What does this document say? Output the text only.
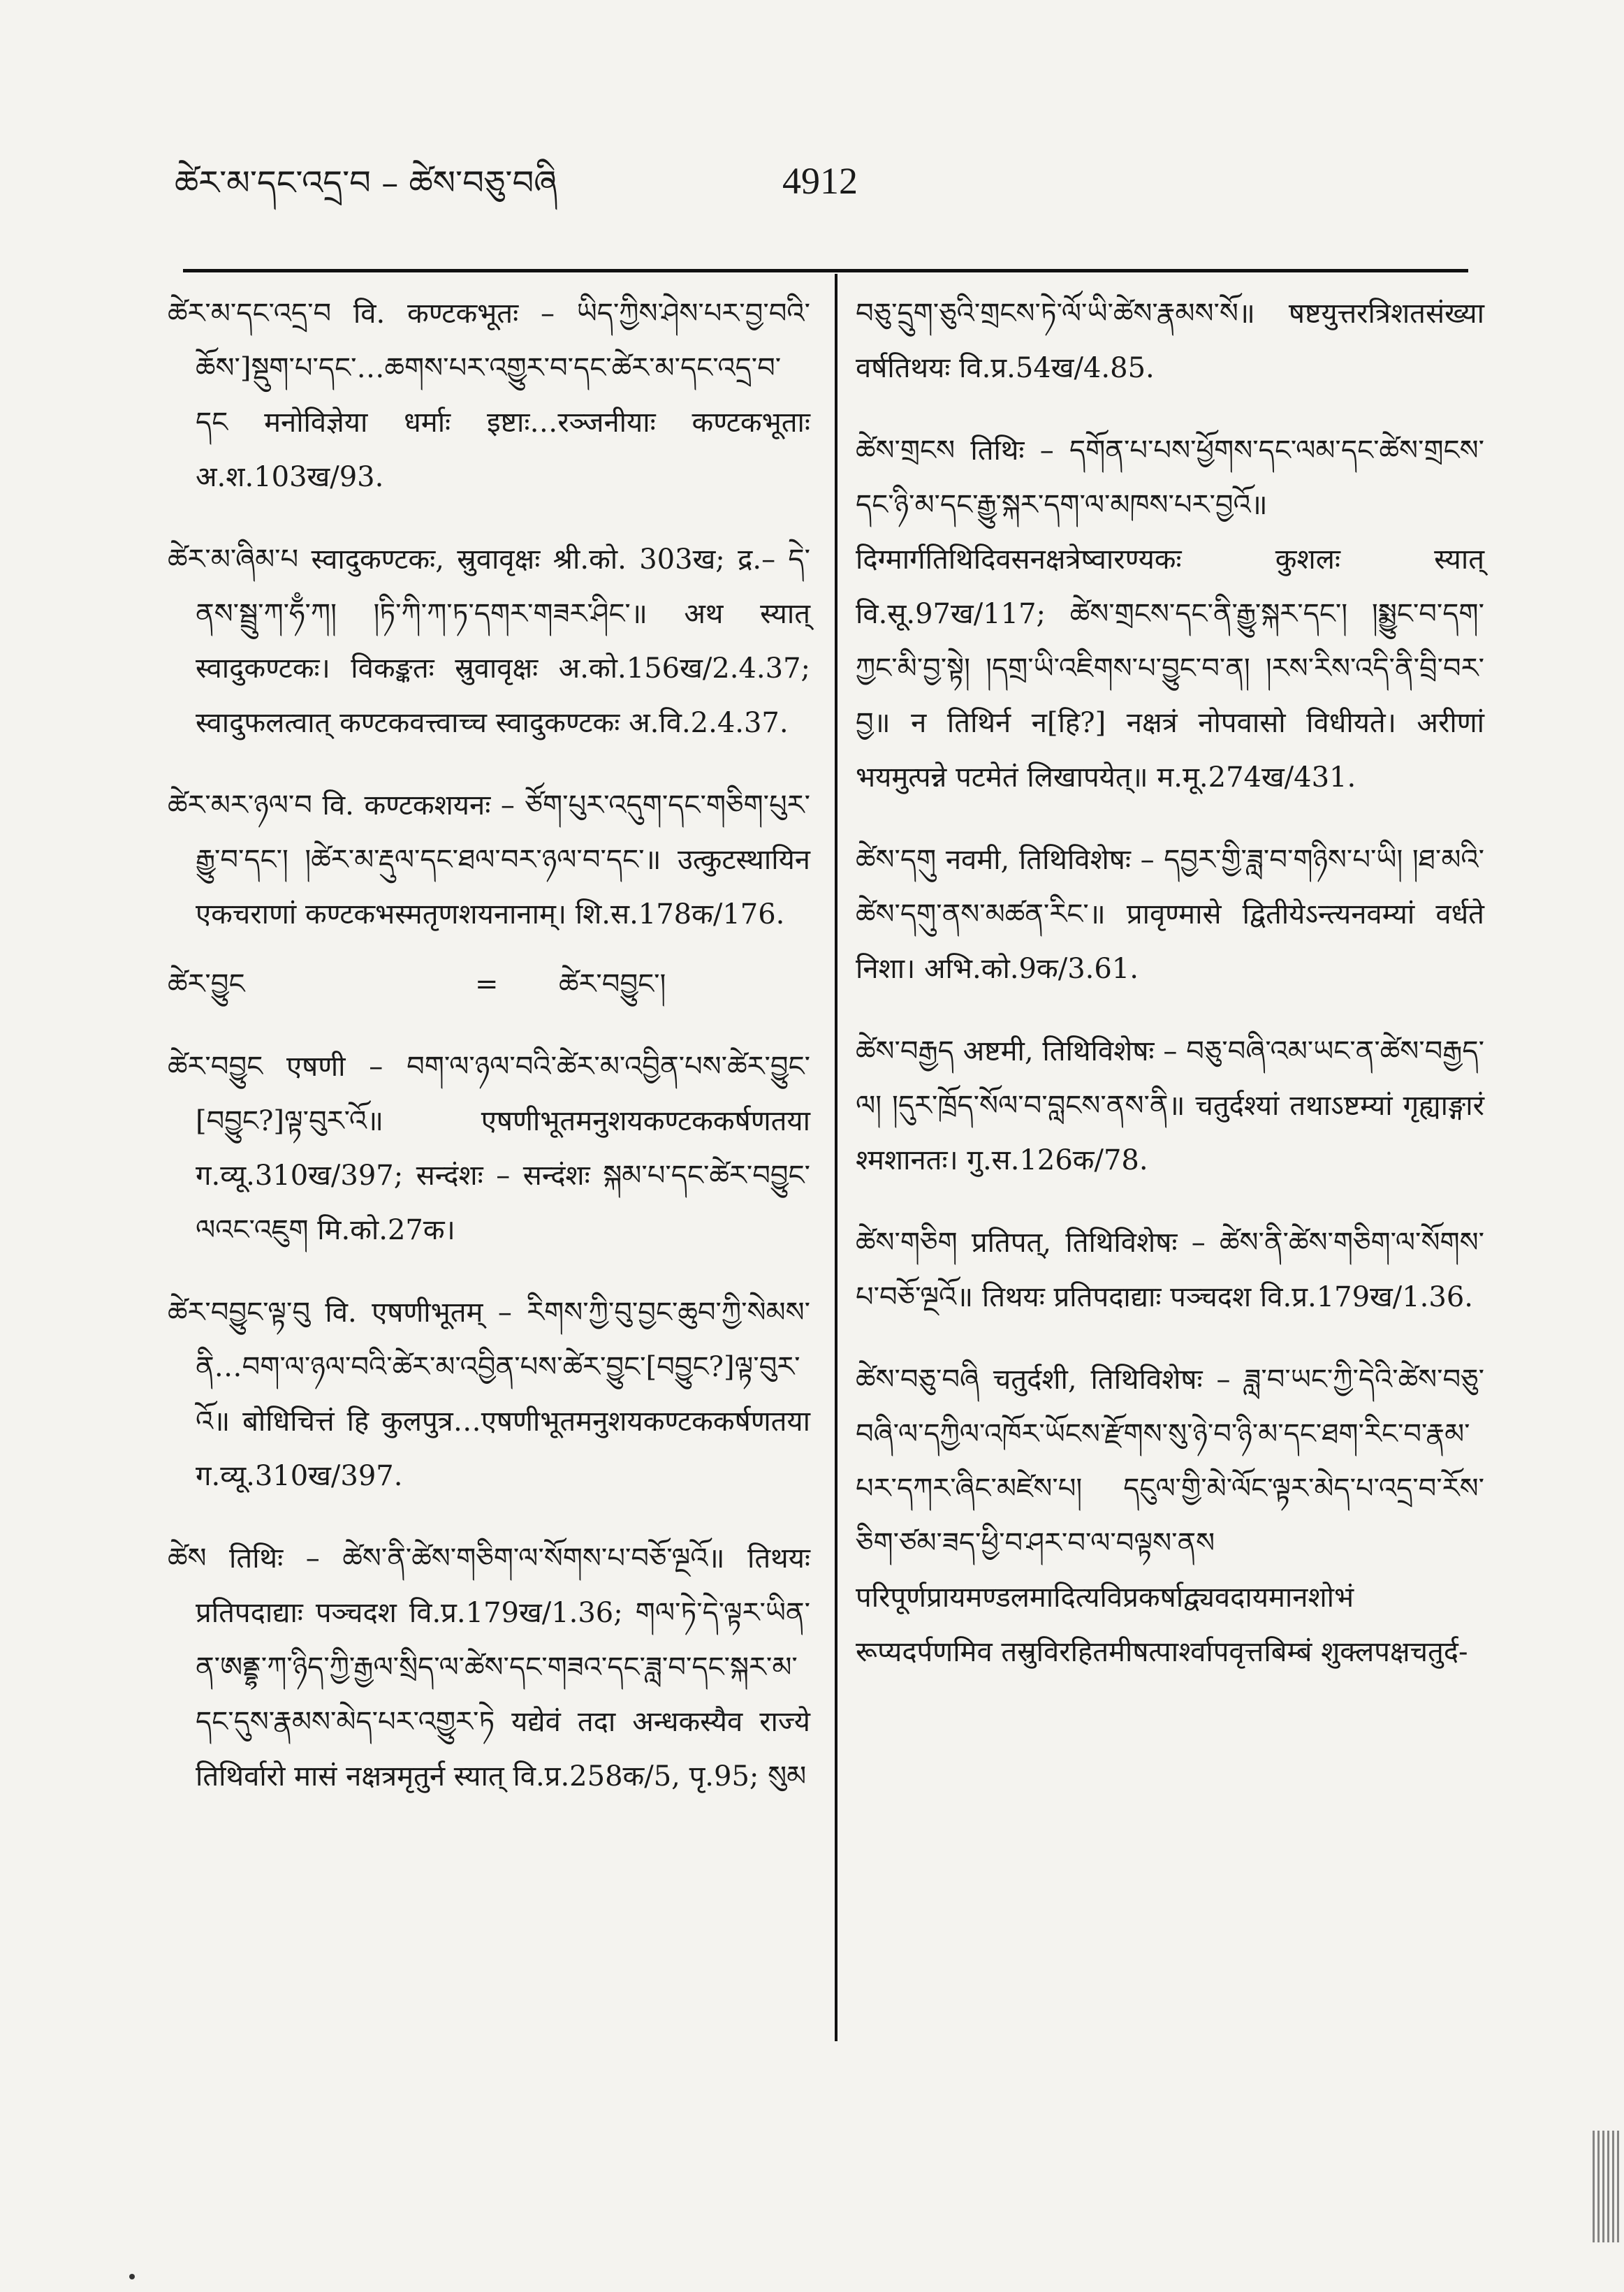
ཚེར་མ་དང་འདྲ་བ – ཚེས་བཅུ་བཞི	4912

ཚེར་མ་དང་འདྲ་བ वि. कण्टकभूतः – ཡིད་ཀྱིས་ཤེས་པར་བྱ་བའི་ཆོས་]སྡུག་པ་དང་…ཆགས་པར་འགྱུར་བ་དང་ཚེར་མ་དང་འདྲ་བ་དང मनोविज्ञेया धर्माः इष्टाः…रञ्जनीयाः कण्टकभूताः अ.श.103ख/93.

ཚེར་མ་ཞིམ་པ स्वादुकण्टकः, स्रुवावृक्षः श्री.को. 303ख; द्र.– དེ་ནས་སྦྲུ་ཀ་ཧྃ་ཀ། །ཏི་ཀི་ཀ་ཏ་དགར་གཟར་ཤིང་॥ अथ स्यात् स्वादुकण्टकः। विकङ्कतः स्रुवावृक्षः अ.को.156ख/2.4.37; स्वादुफलत्वात् कण्टकवत्त्वाच्च स्वादुकण्टकः अ.वि.2.4.37.

ཚེར་མར་ཉལ་བ वि. कण्टकशयनः – ཙོག་པུར་འདུག་དང་གཅིག་པུར་རྒྱུ་བ་དང་། །ཚེར་མ་རྡུལ་དང་ཐལ་བར་ཉལ་བ་དང་॥ उत्कुटस्थायिन एकचराणां कण्टकभस्मतृणशयनानाम्। शि.स.178क/176.

ཚེར་བྱུང	=	ཚེར་བབྱུང་།

ཚེར་བབྱུང एषणी – བག་ལ་ཉལ་བའི་ཚེར་མ་འབྱིན་པས་ཚེར་བྱུང་[བབྱུང?]ལྟ་བུར་འོ॥ एषणीभूतमनुशयकण्टककर्षणतया ग.व्यू.310ख/397; सन्दंशः – सन्दंशः སྐམ་པ་དང་ཚེར་བབྱུང་ལའང་འཇུག मि.को.27क।

ཚེར་བབྱུང་ལྟ་བུ वि. एषणीभूतम् – རིགས་ཀྱི་བུ་བྱང་ཆུབ་ཀྱི་སེམས་ནི…བག་ལ་ཉལ་བའི་ཚེར་མ་འབྱིན་པས་ཚེར་བྱུང་[བབྱུང?]ལྟ་བུར་འོ॥ बोधिचित्तं हि कुलपुत्र…एषणीभूतमनुशयकण्टककर्षणतया ग.व्यू.310ख/397.

ཚེས तिथिः – ཚེས་ནི་ཚེས་གཅིག་ལ་སོགས་པ་བཅོ་ལྔའོ॥ तिथयः प्रतिपदाद्याः पञ्चदश वि.प्र.179ख/1.36; གལ་ཏེ་དེ་ལྟར་ཡིན་ན་ཨནྡྷ་ཀ་ཉིད་ཀྱི་རྒྱལ་སྲིད་ལ་ཚེས་དང་གཟའ་དང་ཟླ་བ་དང་སྐར་མ་དང་དུས་རྣམས་མེད་པར་འགྱུར་ཏེ यद्येवं तदा अन्धकस्यैव राज्ये तिथिर्वारो मासं नक्षत्रमृतुर्न स्यात् वि.प्र.258क/5, पृ.95; སུམ

བཅུ་དྲུག་ཅུའི་གྲངས་ཏེ་ལོ་ཡི་ཚེས་རྣམས་སོ॥ षष्टयुत्तरत्रिशतसंख्या वर्षतिथयः वि.प्र.54ख/4.85.

ཚེས་གྲངས तिथिः – དགོན་པ་པས་ཕྱོགས་དང་ལམ་དང་ཚེས་གྲངས་དང་ཉི་མ་དང་རྒྱུ་སྐར་དག་ལ་མཁས་པར་བྱའོ॥ दिग्मार्गतिथिदिवसनक्षत्रेष्वारण्यकः कुशलः स्यात् वि.सू.97ख/117; ཚེས་གྲངས་དང་ནི་རྒྱུ་སྐར་དང་། །སྨྱུང་བ་དག་ཀྱང་མི་བྱ་སྟེ། །དགྲ་ཡི་འཇིགས་པ་བྱུང་བ་ན། །རས་རིས་འདི་ནི་བྲི་བར་བྱ॥ न तिथिर्न न[हि?] नक्षत्रं नोपवासो विधीयते। अरीणां भयमुत्पन्ने पटमेतं लिखापयेत्॥ म.मू.274ख/431.

ཚེས་དགུ नवमी, तिथिविशेषः – དབྱར་གྱི་ཟླ་བ་གཉིས་པ་ཡི། །ཐ་མའི་ཚེས་དགུ་ནས་མཚན་རིང་॥ प्रावृण्मासे द्वितीयेऽन्त्यनवम्यां वर्धते निशा। अभि.को.9क/3.61.

ཚེས་བརྒྱད अष्टमी, तिथिविशेषः – བཅུ་བཞི་འམ་ཡང་ན་ཚེས་བརྒྱད་ལ། །དུར་ཁྲོད་སོལ་བ་བླངས་ནས་ནི॥ चतुर्दश्यां तथाऽष्टम्यां गृह्याङ्गारं श्मशानतः। गु.स.126क/78.

ཚེས་གཅིག प्रतिपत्, तिथिविशेषः – ཚེས་ནི་ཚེས་གཅིག་ལ་སོགས་པ་བཅོ་ལྔའོ॥ तिथयः प्रतिपदाद्याः पञ्चदश वि.प्र.179ख/1.36.

ཚེས་བཅུ་བཞི चतुर्दशी, तिथिविशेषः – ཟླ་བ་ཡང་ཀྱི་དེའི་ཚེས་བཅུ་བཞི་ལ་དཀྱིལ་འཁོར་ཡོངས་རྫོགས་སུ་ཉེ་བ་ཉི་མ་དང་ཐག་རིང་བ་རྣམ་པར་དཀར་ཞིང་མཛེས་པ། དངུལ་གྱི་མེ་ལོང་ལྟར་མེད་པ་འདྲ་བ་རོས་ཅིག་ཙམ་ཟད་ཕྱི་བ་ཤར་བ་ལ་བལྟས་ནས परिपूर्णप्रायमण्डलमादित्यविप्रकर्षाद्व्यवदायमानशोभं रूप्यदर्पणमिव तस्रुविरहितमीषत्पार्श्वापवृत्तबिम्बं शुक्लपक्षचतुर्द-
